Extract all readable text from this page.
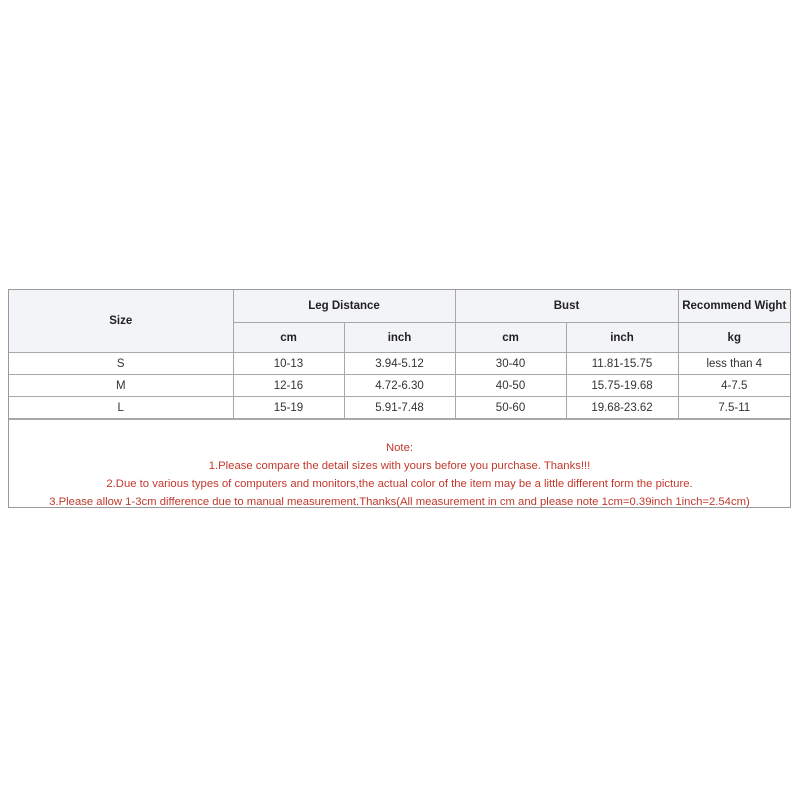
Size	Leg Distance		Bust		Recommend Wight
	cm	inch	cm	inch	kg
S	10-13	3.94-5.12	30-40	11.81-15.75	less than 4
M	12-16	4.72-6.30	40-50	15.75-19.68	4-7.5
L	15-19	5.91-7.48	50-60	19.68-23.62	7.5-11
Note:
1.Please compare the detail sizes with yours before you purchase. Thanks!!!
2.Due to various types of computers and monitors,the actual color of the item may be a little different form the picture.
3.Please allow 1-3cm difference due to manual measurement.Thanks(All measurement in cm and please note 1cm=0.39inch 1inch=2.54cm)
